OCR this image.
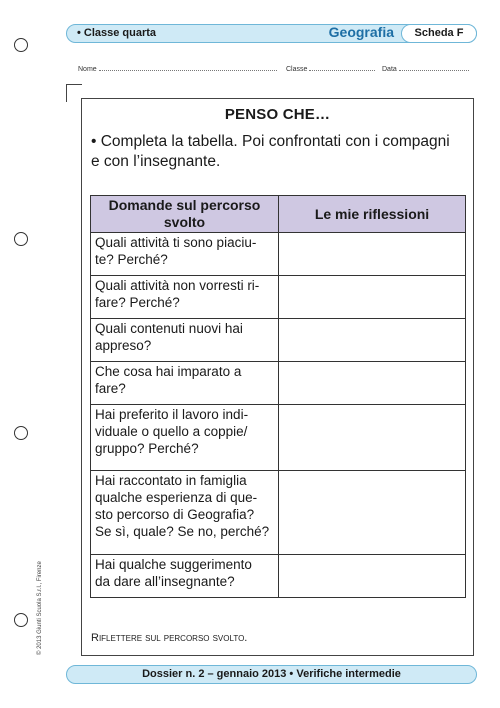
• Classe quarta	Geografia	Scheda F
Nome	Classe	Data
PENSO CHE…
• Completa la tabella. Poi confrontati con i compagni e con l’insegnante.
Domande sul percorso svolto	Le mie riflessioni
Quali attività ti sono piaciu-
te? Perché?	
Quali attività non vorresti ri-
fare? Perché?	
Quali contenuti nuovi hai
appreso?	
Che cosa hai imparato a
fare?	
Hai preferito il lavoro indi-
viduale o quello a coppie/
gruppo? Perché?	
Hai raccontato in famiglia
qualche esperienza di que-
sto percorso di Geografia?
Se sì, quale? Se no, perché?	
Hai qualche suggerimento
da dare all’insegnante?	
Riflettere sul percorso svolto.
© 2013 Giunti Scuola S.r.l., Firenze
Dossier n. 2 – gennaio 2013 • Verifiche intermedie
